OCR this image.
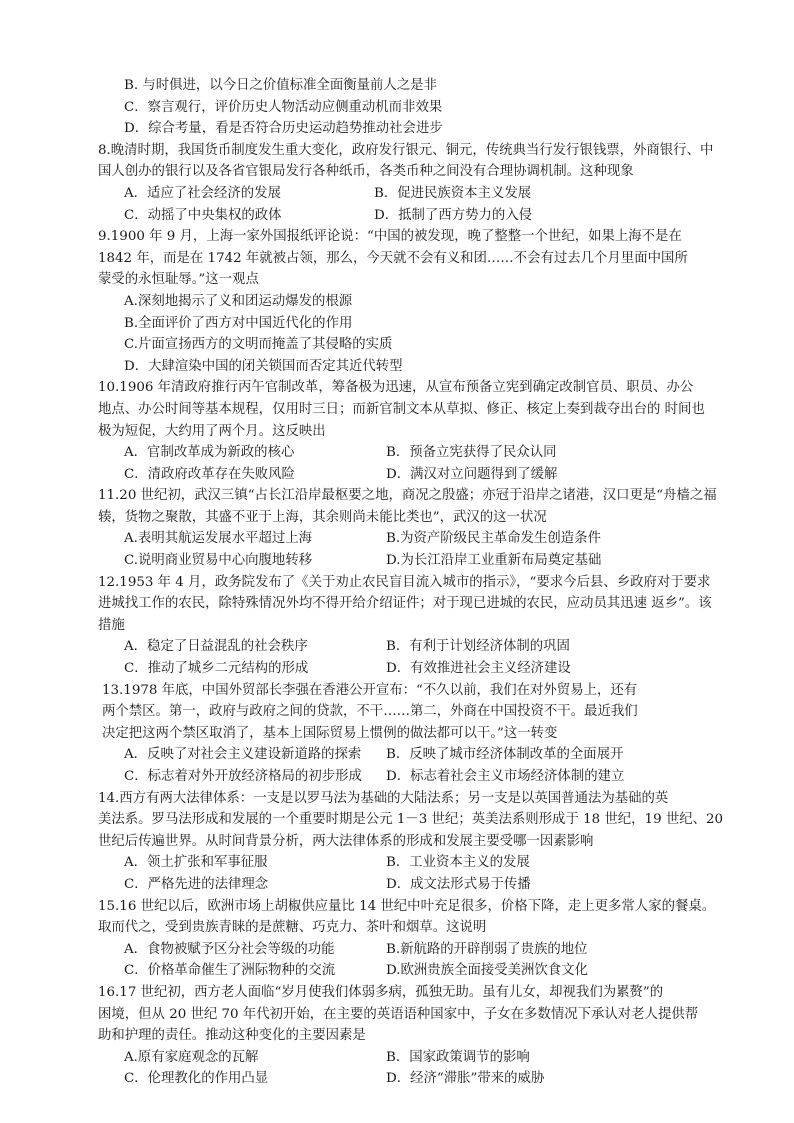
B. 与时俱进，以今日之价值标准全面衡量前人之是非
C．察言观行，评价历史人物活动应侧重动机而非效果
D．综合考量，看是否符合历史运动趋势推动社会进步
8.晚清时期，我国货币制度发生重大变化，政府发行银元、铜元，传统典当行发行银钱票，外商银行、中
国人创办的银行以及各省官银局发行各种纸币，各类币种之间没有合理协调机制。这种现象
A．适应了社会经济的发展	B．促进民族资本主义发展
C．动摇了中央集权的政体	D．抵制了西方势力的入侵
9.1900 年 9 月，上海一家外国报纸评论说：“中国的被发现，晚了整整一个世纪，如果上海不是在
1842 年，而是在 1742 年就被占领，那么，今天就不会有义和团……不会有过去几个月里面中国所
蒙受的永恒耻辱。”这一观点
A.深刻地揭示了义和团运动爆发的根源
B.全面评价了西方对中国近代化的作用
C.片面宣扬西方的文明而掩盖了其侵略的实质
D．大肆渲染中国的闭关锁国而否定其近代转型
10.1906 年清政府推行丙午官制改革，筹备极为迅速，从宣布预备立宪到确定改制官员、职员、办公
地点、办公时间等基本规程，仅用时三日；而新官制文本从草拟、修正、核定上奏到裁夺出台的 时间也
极为短促，大约用了两个月。这反映出
A．官制改革成为新政的核心	B．预备立宪获得了民众认同
C．清政府改革存在失败风险	D．满汉对立问题得到了缓解
11.20 世纪初，武汉三镇“占长江沿岸最枢要之地，商况之殷盛；亦冠于沿岸之诸港，汉口更是“舟樯之福
辏，货物之聚散，其盛不亚于上海，其余则尚未能比类也”，武汉的这一状况
A.表明其航运发展水平超过上海	B.为资产阶级民主革命发生创造条件
C.说明商业贸易中心向腹地转移	D.为长江沿岸工业重新布局奠定基础
12.1953 年 4 月，政务院发布了《关于劝止农民盲目流入城市的指示》，“要求今后县、乡政府对于要求
进城找工作的农民，除特殊情况外均不得开给介绍证件；对于现已进城的农民，应动员其迅速 返乡”。该
措施
A．稳定了日益混乱的社会秩序	B．有利于计划经济体制的巩固
C．推动了城乡二元结构的形成	D．有效推进社会主义经济建设
13.1978 年底，中国外贸部长李强在香港公开宣布：“不久以前，我们在对外贸易上，还有
两个禁区。第一，政府与政府之间的贷款，不干……第二，外商在中国投资不干。最近我们
决定把这两个禁区取消了，基本上国际贸易上惯例的做法都可以干。”这一转变
A．反映了对社会主义建设新道路的探索	B．反映了城市经济体制改革的全面展开
C．标志着对外开放经济格局的初步形成	D．标志着社会主义市场经济体制的建立
14.西方有两大法律体系：一支是以罗马法为基础的大陆法系；另一支是以英国普通法为基础的英
美法系。罗马法形成和发展的一个重要时期是公元 1－3 世纪；英美法系则形成于 18 世纪，19 世纪、20
世纪后传遍世界。从时间背景分析，两大法律体系的形成和发展主要受哪一因素影响
A．领土扩张和军事征服	B．工业资本主义的发展
C．严格先进的法律理念	D．成文法形式易于传播
15.16 世纪以后，欧洲市场上胡椒供应量比 14 世纪中叶充足很多，价格下降，走上更多常人家的餐桌。
取而代之，受到贵族青睐的是蔗糖、巧克力、茶叶和烟草。这说明
A．食物被赋予区分社会等级的功能	B.新航路的开辟削弱了贵族的地位
C．价格革命催生了洲际物种的交流	D.欧洲贵族全面接受美洲饮食文化
16.17 世纪初，西方老人面临“岁月使我们体弱多病，孤独无助。虽有儿女，却视我们为累赘”的
困境，但从 20 世纪 70 年代初开始，在主要的英语语种国家中，子女在多数情况下承认对老人提供帮
助和护理的责任。推动这种变化的主要因素是
A.原有家庭观念的瓦解	B．国家政策调节的影响
C．伦理教化的作用凸显	D．经济“滞胀”带来的威胁
